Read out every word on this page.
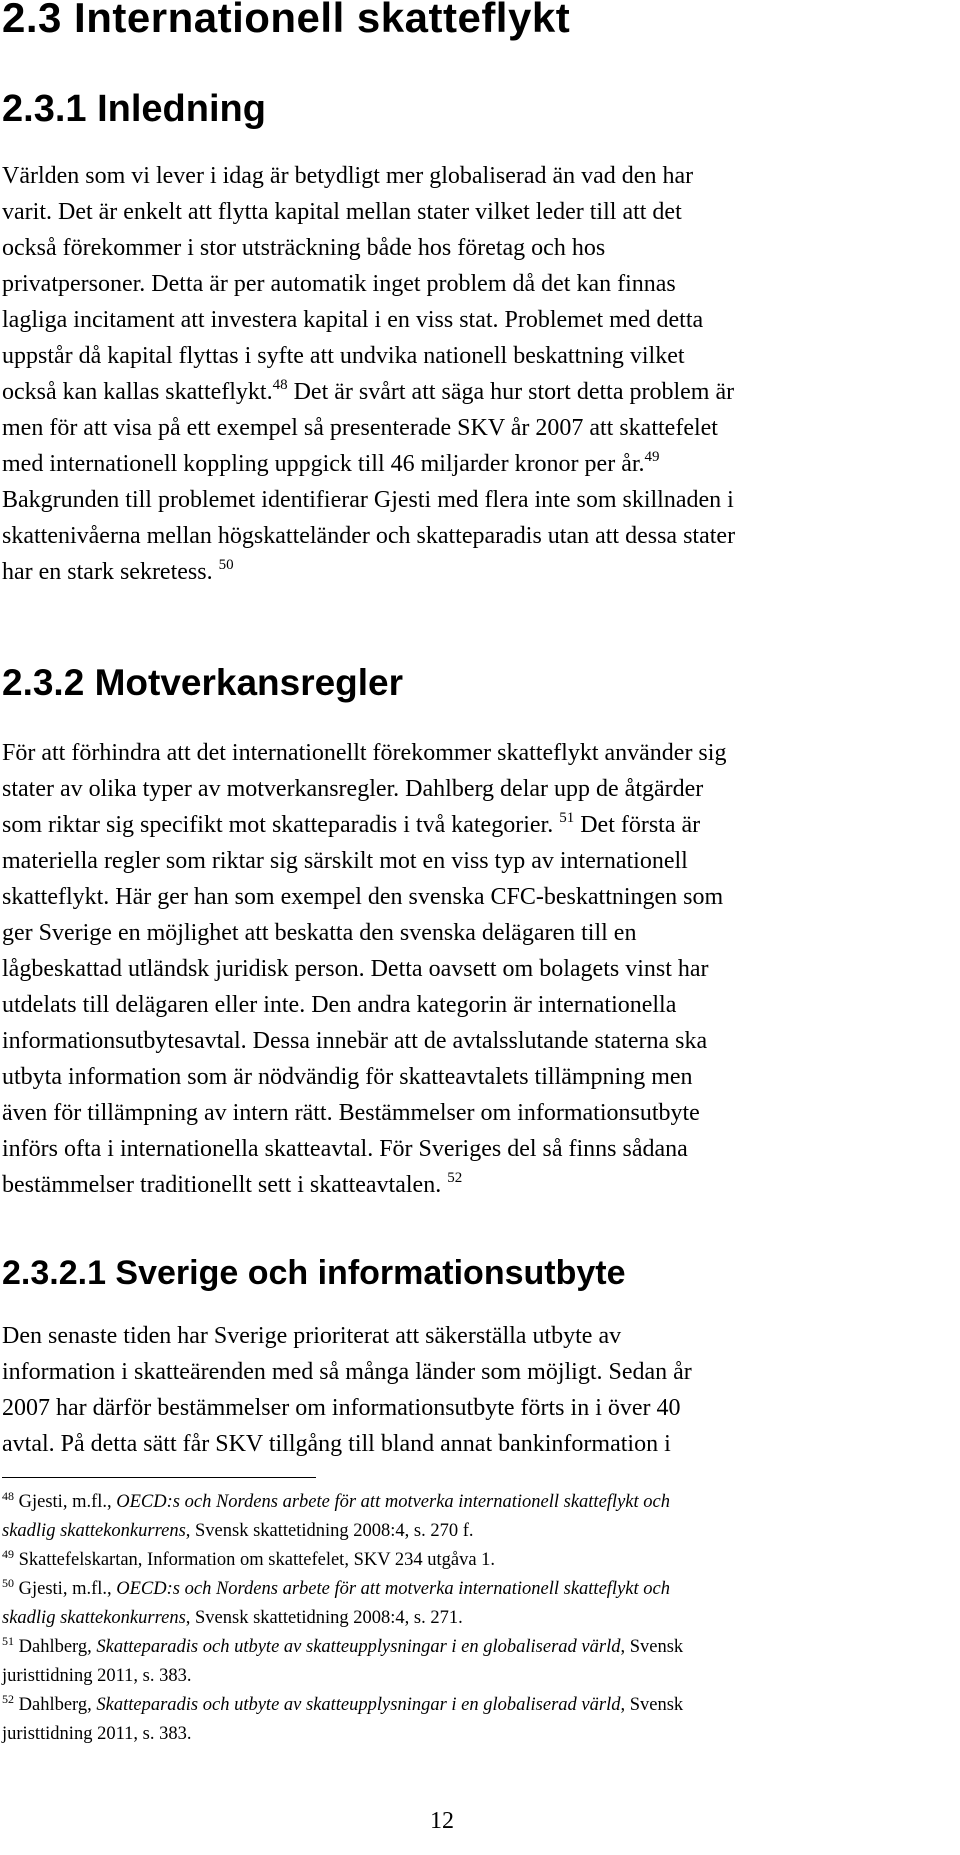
2.3 Internationell skatteflykt
2.3.1 Inledning
Världen som vi lever i idag är betydligt mer globaliserad än vad den har
varit. Det är enkelt att flytta kapital mellan stater vilket leder till att det
också förekommer i stor utsträckning både hos företag och hos
privatpersoner. Detta är per automatik inget problem då det kan finnas
lagliga incitament att investera kapital i en viss stat. Problemet med detta
uppstår då kapital flyttas i syfte att undvika nationell beskattning vilket
också kan kallas skatteflykt.$^{48}$ Det är svårt att säga hur stort detta problem är
men för att visa på ett exempel så presenterade SKV år 2007 att skattefelet
med internationell koppling uppgick till 46 miljarder kronor per år.$^{49}$
Bakgrunden till problemet identifierar Gjesti med flera inte som skillnaden i
skattenivåerna mellan högskatteländer och skatteparadis utan att dessa stater
har en stark sekretess. $^{50}$
2.3.2 Motverkansregler
För att förhindra att det internationellt förekommer skatteflykt använder sig
stater av olika typer av motverkansregler. Dahlberg delar upp de åtgärder
som riktar sig specifikt mot skatteparadis i två kategorier. $^{51}$ Det första är
materiella regler som riktar sig särskilt mot en viss typ av internationell
skatteflykt. Här ger han som exempel den svenska CFC-beskattningen som
ger Sverige en möjlighet att beskatta den svenska delägaren till en
lågbeskattad utländsk juridisk person. Detta oavsett om bolagets vinst har
utdelats till delägaren eller inte. Den andra kategorin är internationella
informationsutbytesavtal. Dessa innebär att de avtalsslutande staterna ska
utbyta information som är nödvändig för skatteavtalets tillämpning men
även för tillämpning av intern rätt. Bestämmelser om informationsutbyte
införs ofta i internationella skatteavtal. För Sveriges del så finns sådana
bestämmelser traditionellt sett i skatteavtalen. $^{52}$
2.3.2.1 Sverige och informationsutbyte
Den senaste tiden har Sverige prioriterat att säkerställa utbyte av
information i skatteärenden med så många länder som möjligt. Sedan år
2007 har därför bestämmelser om informationsutbyte förts in i över 40
avtal. På detta sätt får SKV tillgång till bland annat bankinformation i
$^{48}$ Gjesti, m.fl., OECD:s och Nordens arbete för att motverka internationell skatteflykt och
skadlig skattekonkurrens, Svensk skattetidning 2008:4, s. 270 f.
$^{49}$ Skattefelskartan, Information om skattefelet, SKV 234 utgåva 1.
$^{50}$ Gjesti, m.fl., OECD:s och Nordens arbete för att motverka internationell skatteflykt och
skadlig skattekonkurrens, Svensk skattetidning 2008:4, s. 271.
$^{51}$ Dahlberg, Skatteparadis och utbyte av skatteupplysningar i en globaliserad värld, Svensk
juristtidning 2011, s. 383.
$^{52}$ Dahlberg, Skatteparadis och utbyte av skatteupplysningar i en globaliserad värld, Svensk
juristtidning 2011, s. 383.
12
